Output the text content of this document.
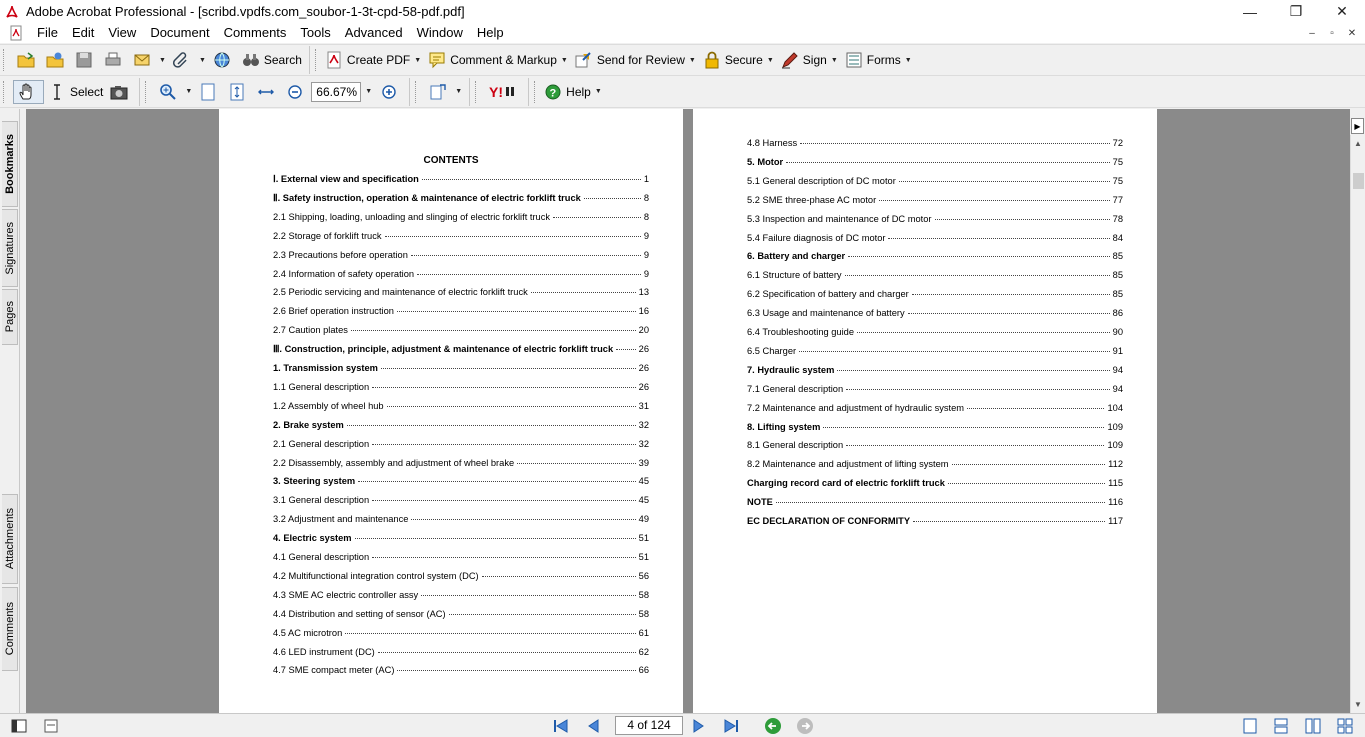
Adobe Acrobat Professional - [scribd.vpdfs.com_soubor-1-3t-cpd-58-pdf.pdf]	—	❐	✕
File	Edit	View	Document	Comments	Tools	Advanced	Window	Help	–	▫	✕
▼	▼	Search	Create PDF ▼ Comment & Markup ▼ Send for Review ▼ Secure ▼ Sign ▼ Forms ▼
Select	▼	66.67%	▼	▼ Y!	? Help ▼
Bookmarks
Signatures
Pages
Attachments
Comments
CONTENTS
Ⅰ. External view and specification	1
Ⅱ. Safety instruction, operation & maintenance of electric forklift truck	8
2.1 Shipping, loading, unloading and slinging of electric forklift truck	8
2.2 Storage of forklift truck	9
2.3 Precautions before operation	9
2.4 Information of safety operation	9
2.5 Periodic servicing and maintenance of electric forklift truck	13
2.6 Brief operation instruction	16
2.7 Caution plates	20
Ⅲ. Construction, principle, adjustment & maintenance of electric forklift truck	26
1. Transmission system	26
1.1 General description	26
1.2 Assembly of wheel hub	31
2. Brake system	32
2.1 General description	32
2.2 Disassembly, assembly and adjustment of wheel brake	39
3. Steering system	45
3.1 General description	45
3.2 Adjustment and maintenance	49
4. Electric system	51
4.1 General description	51
4.2 Multifunctional integration control system (DC)	56
4.3 SME AC electric controller assy	58
4.4 Distribution and setting of sensor (AC)	58
4.5 AC microtron	61
4.6 LED instrument (DC)	62
4.7 SME compact meter (AC)	66
4.8 Harness	72
5. Motor	75
5.1 General description of DC motor	75
5.2 SME three-phase AC motor	77
5.3 Inspection and maintenance of DC motor	78
5.4 Failure diagnosis of DC motor	84
6. Battery and charger	85
6.1 Structure of battery	85
6.2 Specification of battery and charger	85
6.3 Usage and maintenance of battery	86
6.4 Troubleshooting guide	90
6.5 Charger	91
7. Hydraulic system	94
7.1 General description	94
7.2 Maintenance and adjustment of hydraulic system	104
8. Lifting system	109
8.1 General description	109
8.2 Maintenance and adjustment of lifting system	112
Charging record card of electric forklift truck	115
NOTE	116
EC DECLARATION OF CONFORMITY	117
▶
▲
▼
4 of 124
